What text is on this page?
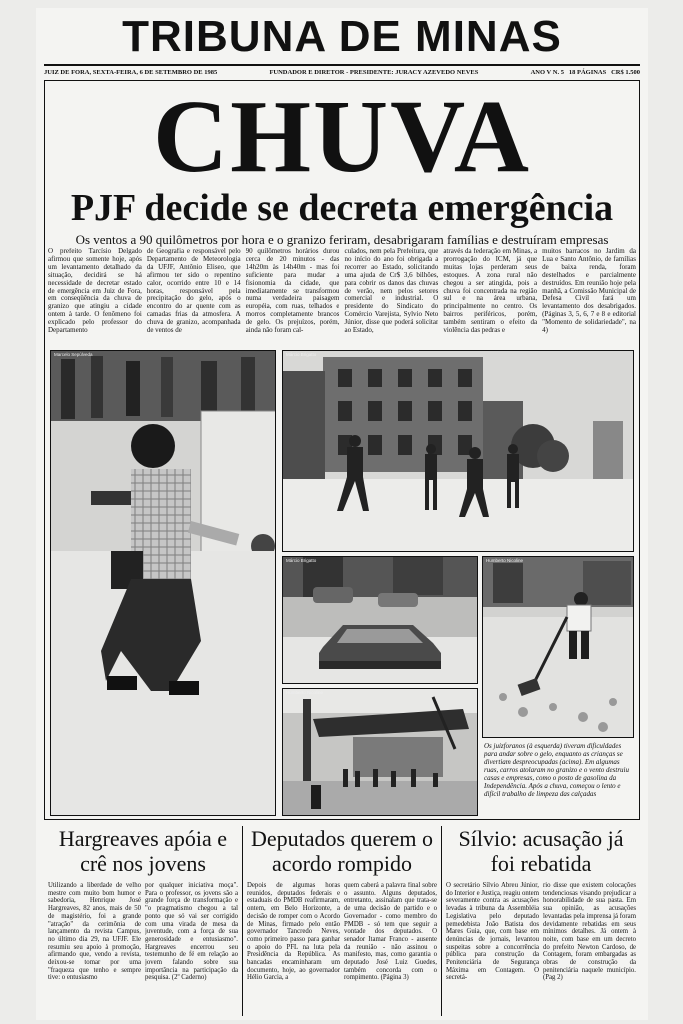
TRIBUNA DE MINAS
JUIZ DE FORA, SEXTA-FEIRA, 6 DE SETEMBRO DE 1985	FUNDADOR E DIRETOR - PRESIDENTE: JURACY AZEVEDO NEVES	ANO V N. 5 18 PÁGINAS CR$ 1.500
CHUVA
PJF decide se decreta emergência
Os ventos a 90 quilômetros por hora e o granizo feriram, desabrigaram famílias e destruíram empresas
O prefeito Tarcísio Delgado afirmou que somente hoje, após um levantamento detalhado da situação, decidirá se há necessidade de decretar estado de emergência em Juiz de Fora, em conseqüência da chuva de granizo que atingiu a cidade ontem à tarde. O fenômeno foi explicado pelo professor do Departamento
de Geografia e responsável pelo Departamento de Meteorologia da UFJF, Antônio Eliseo, que afirmou ter sido o repentino calor, ocorrido entre 10 e 14 horas, responsável pela precipitação do gelo, após o encontro do ar quente com as camadas frias da atmosfera. A chuva de granizo, acompanhada de ventos de
90 quilômetros horários durou cerca de 20 minutos - das 14h20m às 14h40m - mas foi suficiente para mudar a fisionomia da cidade, que imediatamente se transformou numa verdadeira paisagem européia, com ruas, telhados e morros completamente brancos de gelo. Os prejuízos, porém, ainda não foram cal-
culados, nem pela Prefeitura, que no início do ano foi obrigada a recorrer ao Estado, solicitando uma ajuda de Cr$ 3,6 bilhões, para cobrir os danos das chuvas de verão, nem pelos setores comercial e industrial. O presidente do Sindicato do Comércio Varejista, Sylvio Neto Júnior, disse que poderá solicitar ao Estado,
através da federação em Minas, a prorrogação do ICM, já que muitas lojas perderam seus estoques. A zona rural não chegou a ser atingida, pois a chuva foi concentrada na região sul e na área urbana, principalmente no centro. Os bairros periféricos, porém, também sentiram o efeito da violência das pedras e
muitos barracos no Jardim da Lua e Santo Antônio, de famílias de baixa renda, foram destelhados e parcialmente destruídos. Em reunião hoje pela manhã, a Comissão Municipal de Defesa Civil fará um levantamento dos desabrigados. (Páginas 3, 5, 6, 7 e 8 e editorial "Momento de solidariedade", na 4)
Marcelo Sepúlveda	Márcio Brigatto
Márcio Brigatto	Humberto Nicoline
Humberto Nicoline
Os juizforanos (à esquerda) tiveram dificuldades para andar sobre o gelo, enquanto as crianças se divertiam despreocupadas (acima). Em algumas ruas, carros atolaram no granizo e o vento destruiu casas e empresas, como o posto de gasolina da Independência. Após a chuva, começou o lento e difícil trabalho de limpeza das calçadas
Hargreaves apóia e crê nos jovens
Utilizando a liberdade de velho mestre com muito bom humor e sabedoria, Henrique José Hargreaves, 82 anos, mais de 50 de magistério, foi a grande "atração" da cerimônia de lançamento da revista Campus, no último dia 29, na UFJF. Ele resumiu seu apoio à promoção, afirmando que, vendo a revista, deixou-se tomar por uma "fraqueza que tenho e sempre tive: o entusiasmo
por qualquer iniciativa moça". Para o professor, os jovens são a grande força de transformação e "o pragmatismo chegou a tal ponto que só vai ser corrigido com uma virada de mesa da juventude, com a força de sua generosidade e entusiasmo". Hargreaves encerrou seu testemunho de fé em relação ao jovem falando sobre sua importância na participação da pesquisa. (2º Caderno)
Deputados querem o acordo rompido
Depois de algumas horas reunidos, deputados federais e estaduais do PMDB reafirmaram, ontem, em Belo Horizonte, a decisão de romper com o Acordo de Minas, firmado pelo então governador Tancredo Neves, como primeiro passo para ganhar o apoio do PFL na luta pela Presidência da República. As bancadas encaminharam um documento, hoje, ao governador Hélio Garcia, a
quem caberá a palavra final sobre o assunto. Alguns deputados, entretanto, assinalam que trata-se de uma decisão de partido e o Governador - como membro do PMDB - só tem que seguir a vontade dos deputados. O senador Itamar Franco - ausente da reunião - não assinou o manifesto, mas, como garantia o deputado José Luiz Guedes, também concorda com o rompimento. (Página 3)
Sílvio: acusação já foi rebatida
O secretário Sílvio Abreu Júnior, do Interior e Justiça, reagiu ontem severamente contra as acusações levadas à tribuna da Assembléia Legislativa pelo deputado pemedebista João Batista dos Mares Guia, que, com base em denúncias de jornais, levantou suspeitas sobre a concorrência pública para construção da Penitenciária de Segurança Máxima em Contagem. O secretá-
rio disse que existem colocações tendenciosas visando prejudicar a honorabilidade de sua pasta. Em sua opinião, as acusações levantadas pela imprensa já foram devidamente rebatidas em seus mínimos detalhes. Já ontem à noite, com base em um decreto do prefeito Newton Cardoso, de Contagem, foram embargadas as obras de construção da penitenciária naquele município. (Pag 2)
